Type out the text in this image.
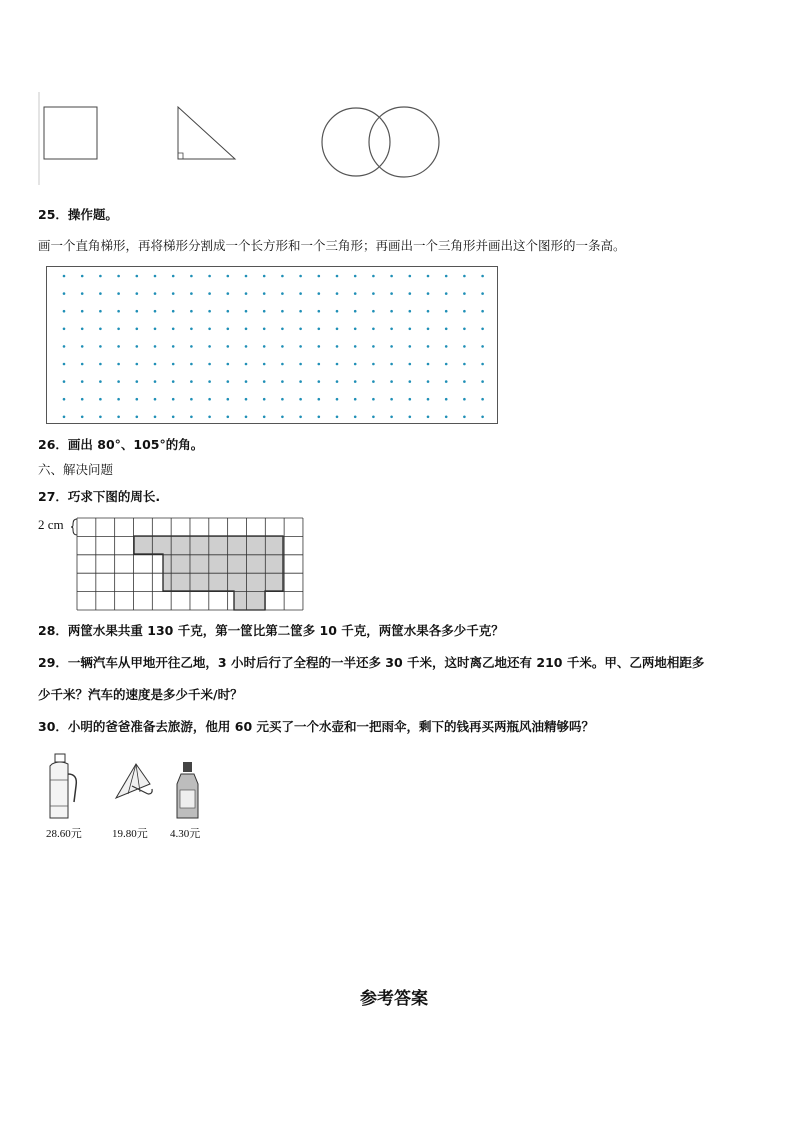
25．操作题。
画一个直角梯形，再将梯形分割成一个长方形和一个三角形；再画出一个三角形并画出这个图形的一条高。
26．画出 80°、105°的角。
六、解决问题
27．巧求下图的周长.
2 cm
28．两筐水果共重 130 千克，第一筐比第二筐多 10 千克，两筐水果各多少千克？
29．一辆汽车从甲地开往乙地，3 小时后行了全程的一半还多 30 千米，这时离乙地还有 210 千米。甲、乙两地相距多
少千米？汽车的速度是多少千米/时？
30．小明的爸爸准备去旅游，他用 60 元买了一个水壶和一把雨伞，剩下的钱再买两瓶风油精够吗？
28.60元	19.80元 4.30元
参考答案
